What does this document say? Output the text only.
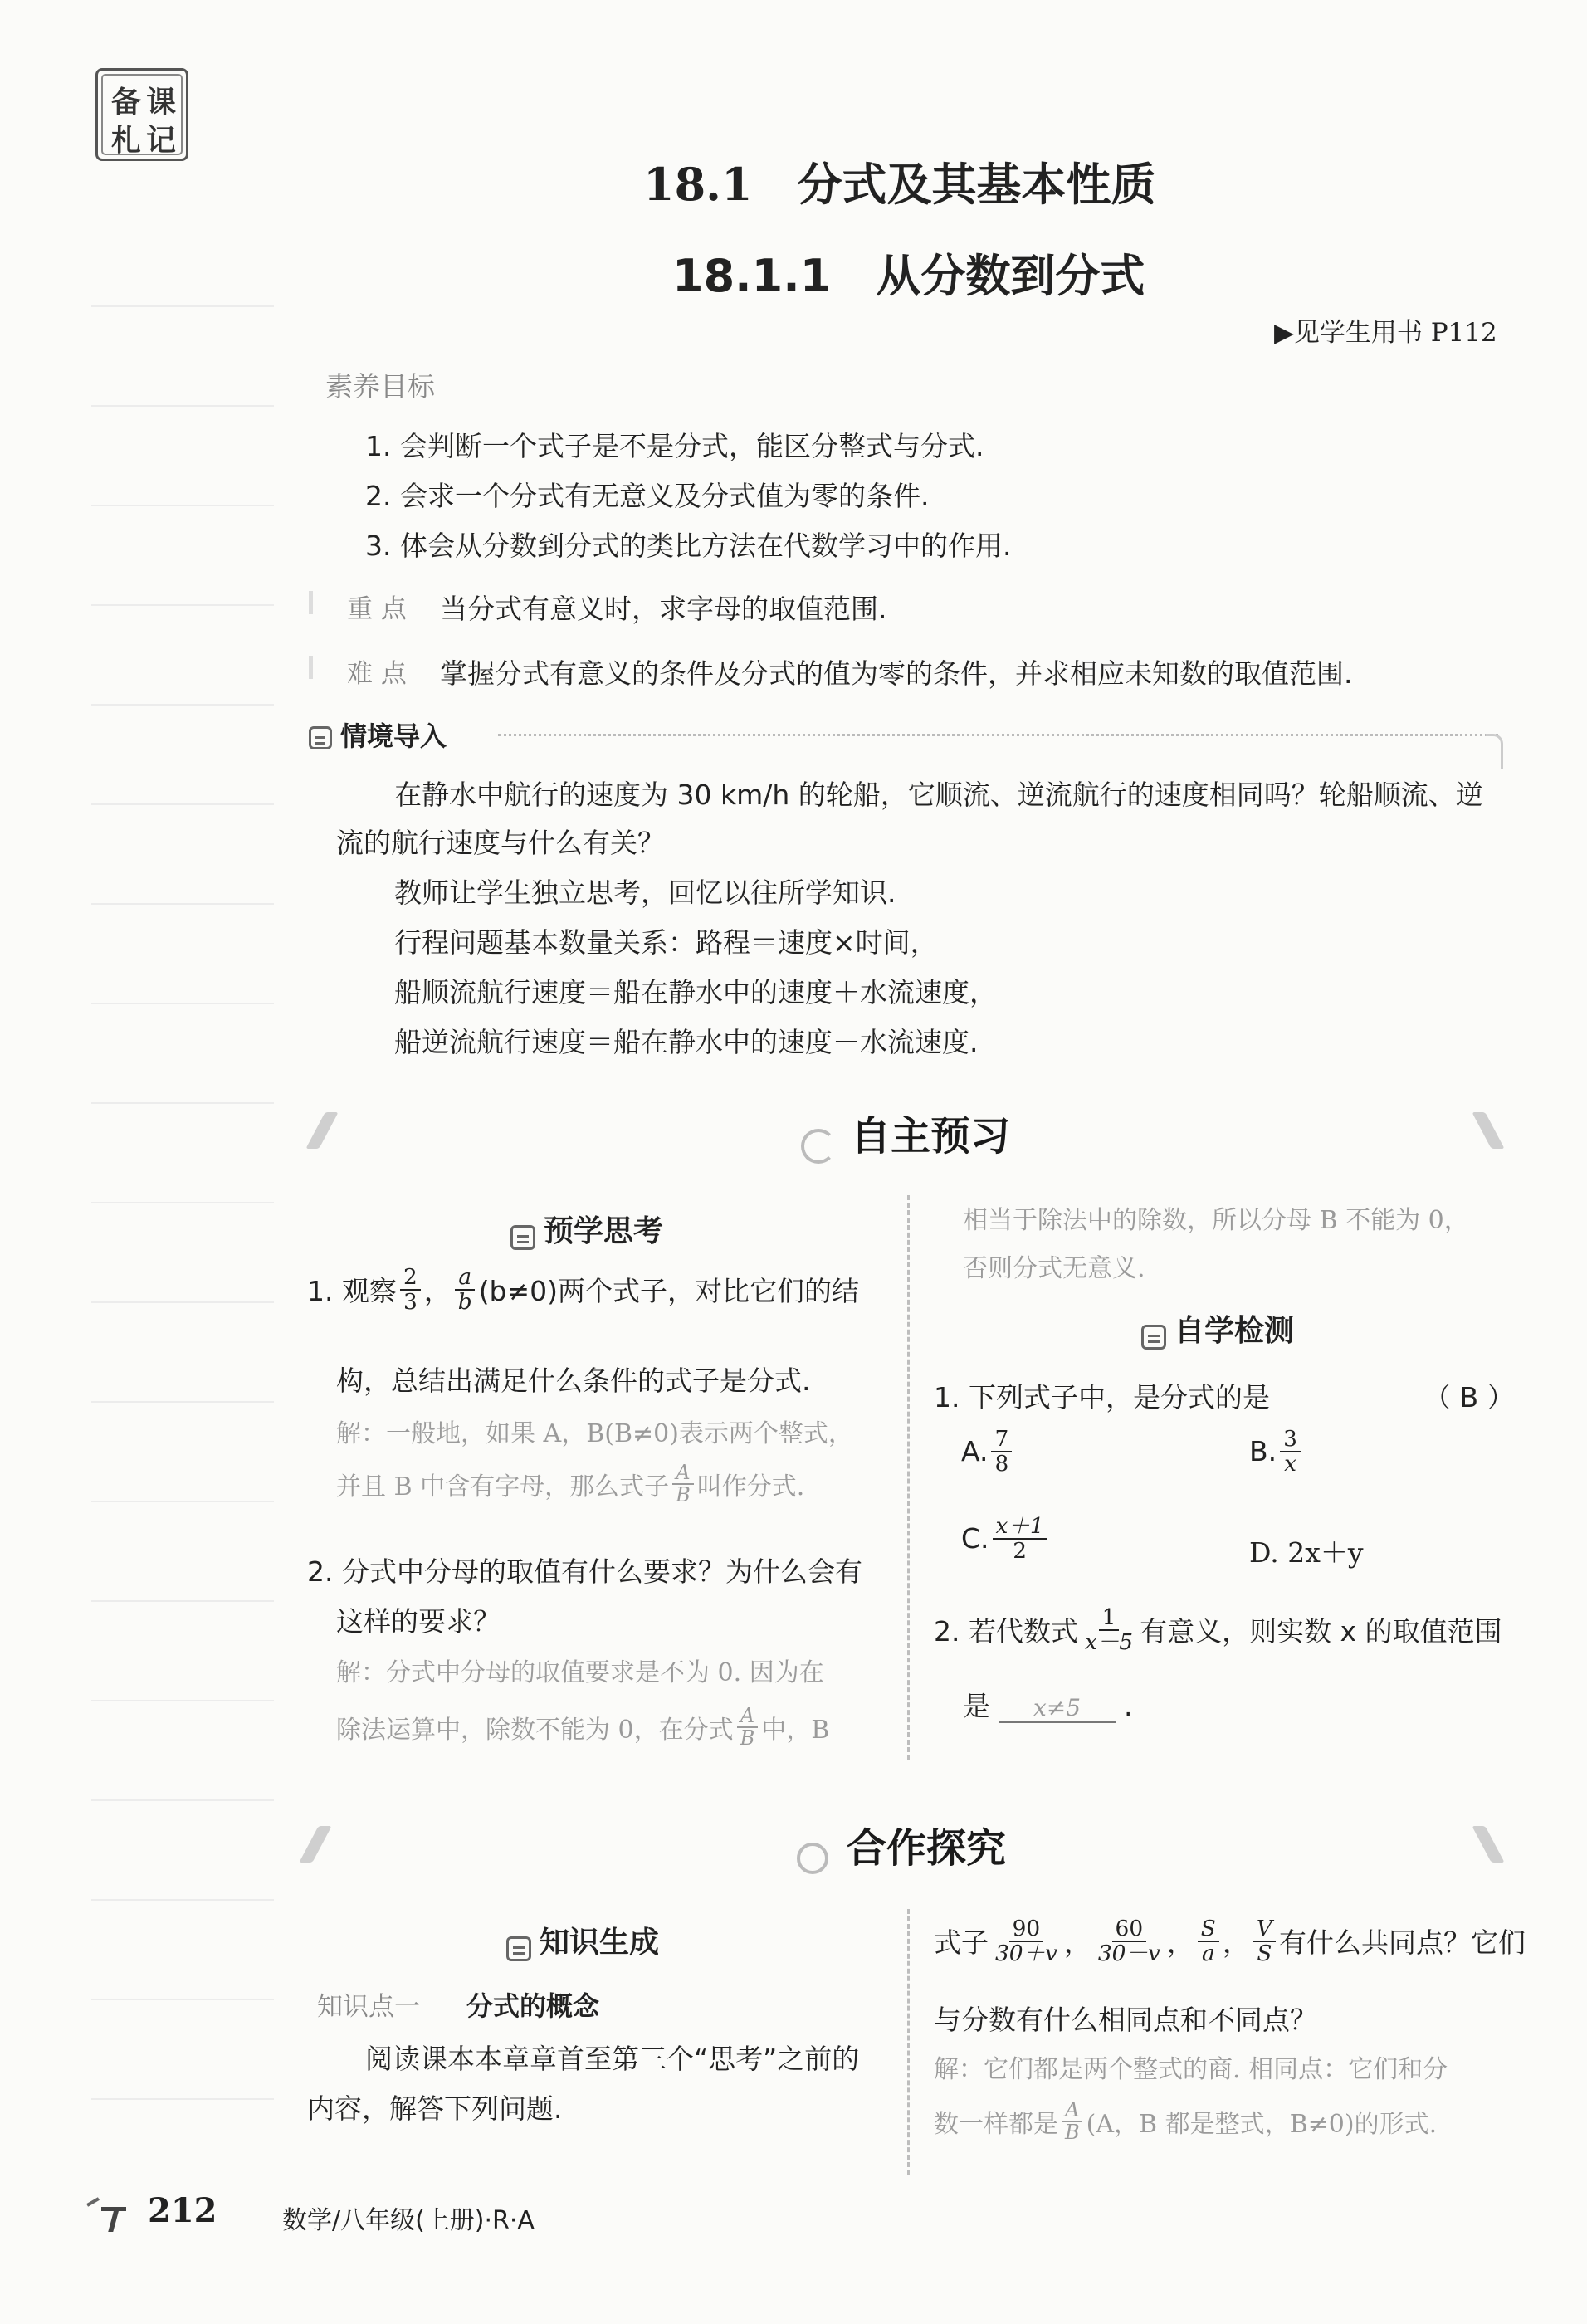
备 课
札 记
18.1　分式及其基本性质
18.1.1　从分数到分式
▶见学生用书 P112
素养目标
1. 会判断一个式子是不是分式，能区分整式与分式.
2. 会求一个分式有无意义及分式值为零的条件.
3. 体会从分数到分式的类比方法在代数学习中的作用.
重 点 当分式有意义时，求字母的取值范围.
难 点 掌握分式有意义的条件及分式的值为零的条件，并求相应未知数的取值范围.
情境导入
在静水中航行的速度为 30 km/h 的轮船，它顺流、逆流航行的速度相同吗？轮船顺流、逆
流的航行速度与什么有关？
教师让学生独立思考，回忆以往所学知识.
行程问题基本数量关系：路程＝速度×时间，
船顺流航行速度＝船在静水中的速度＋水流速度，
船逆流航行速度＝船在静水中的速度－水流速度.
自主预习
预学思考
1. 观察 $\frac{2}{3}$ ， $\frac{a}{b} (b\ne 0)$两个式子，对比它们的结
构，总结出满足什么条件的式子是分式.
解：一般地，如果 A，B(B≠0)表示两个整式，
并且 B 中含有字母，那么式子 $\frac{A}{B}$ 叫作分式.
2. 分式中分母的取值有什么要求？为什么会有
这样的要求？
解：分式中分母的取值要求是不为 0. 因为在
除法运算中，除数不能为 0，在分式 $\frac{A}{B}$ 中，B
相当于除法中的除数，所以分母 B 不能为 0，
否则分式无意义.
自学检测
1. 下列式子中，是分式的是	（ B ）
A. $\frac{7}{8}$	B. $\frac{3}{x}$
C. $\frac{x+1}{2}$	D. 2x＋y
2. 若代数式 $\frac{1}{x-5}$ 有意义，则实数 x 的取值范围
是 x≠5 .
合作探究
知识生成
知识点一 分式的概念
阅读课本本章章首至第三个“思考”之前的
内容，解答下列问题.
式子 $\frac{90}{30+v}$ ， $\frac{60}{30-v}$ ， $\frac{S}{a}$ ， $\frac{V}{S}$ 有什么共同点？它们
与分数有什么相同点和不同点？
解：它们都是两个整式的商. 相同点：它们和分
数一样都是 $\frac{A}{B} (A$，B 都是整式，B≠0)的形式.
212	数学/八年级(上册)·R·A
